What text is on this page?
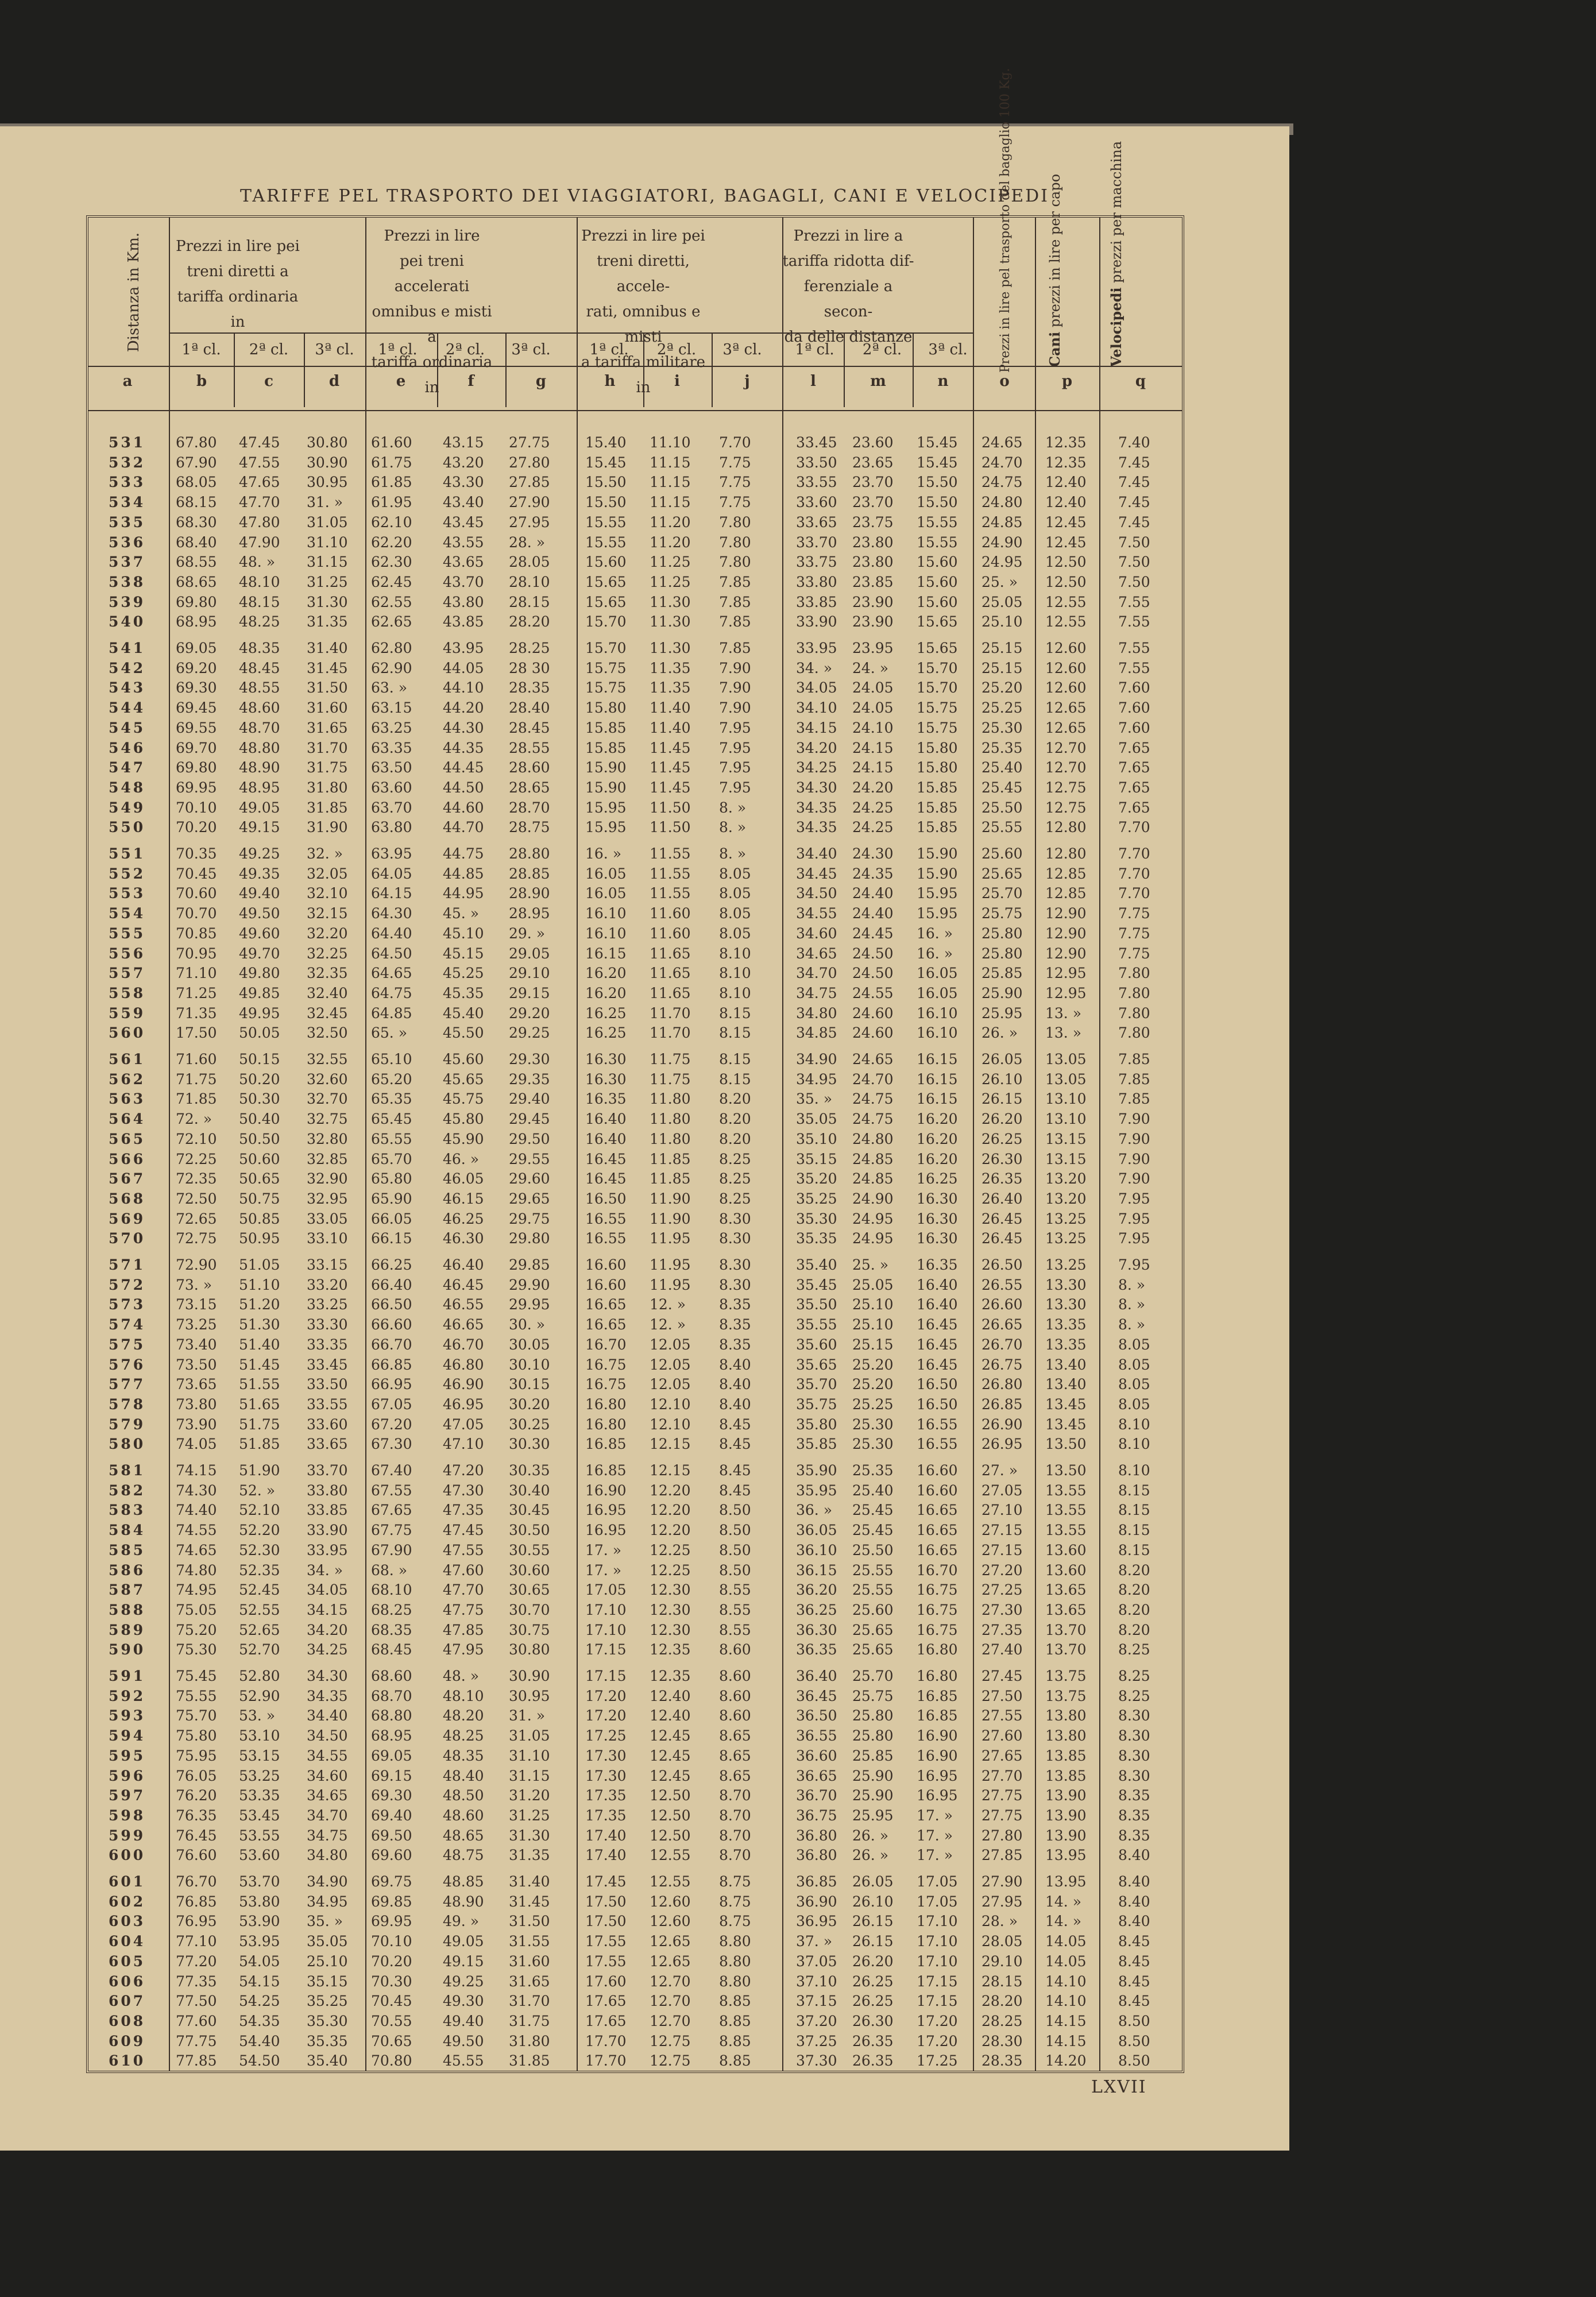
TARIFFE PEL TRASPORTO DEI VIAGGIATORI, BAGAGLI, CANI E VELOCIPEDI
Prezzi in lire pei
treni diretti a
tariffa ordinaria in
Prezzi in lire
pei treni accelerati
omnibus e misti a
tariffa ordinaria in
Prezzi in lire pei
treni diretti, accele-
rati, omnibus e misti
a tariffa militare in
Prezzi in lire a
tariffa ridotta dif-
ferenziale a secon-
da delle distanze
Distanza in Km.	Prezzi in lire pel trasporto del bagaglio 100 Kg. Cani prezzi in lire per capo
Velocipedi prezzi per macchina
1ª cl.	2ª cl.	3ª cl.	1ª cl.	2ª cl.	3ª cl.	1ª cl.	2ª cl.	3ª cl.	1ª cl.	2ª cl.	3ª cl.
a	b	c	d	e	f	g	h	i	j	l	m	n	o	p	q
531 67.80 47.45 30.80 61.60 43.15 27.75 15.40 11.10 7.70	33.45 23.60 15.45 24.65 12.35 7.40
532 67.90 47.55 30.90 61.75 43.20 27.80 15.45 11.15 7.75	33.50 23.65 15.45 24.70 12.35 7.45
533 68.05 47.65 30.95 61.85 43.30 27.85 15.50 11.15 7.75	33.55 23.70 15.50 24.75 12.40 7.45
534 68.15 47.70 31. » 61.95 43.40 27.90 15.50 11.15 7.75	33.60 23.70 15.50 24.80 12.40 7.45
535 68.30 47.80 31.05 62.10 43.45 27.95 15.55 11.20 7.80	33.65 23.75 15.55 24.85 12.45 7.45
536 68.40 47.90 31.10 62.20 43.55 28. »	15.55 11.20 7.80	33.70 23.80 15.55 24.90 12.45 7.50
537 68.55 48. » 31.15 62.30 43.65 28.05 15.60 11.25 7.80	33.75 23.80 15.60 24.95 12.50 7.50
538 68.65 48.10 31.25 62.45 43.70 28.10 15.65 11.25 7.85	33.80 23.85 15.60 25. » 12.50 7.50
539 69.80 48.15 31.30 62.55 43.80 28.15 15.65 11.30 7.85	33.85 23.90 15.60 25.05 12.55 7.55
540 68.95 48.25 31.35 62.65 43.85 28.20 15.70 11.30 7.85	33.90 23.90 15.65 25.10 12.55 7.55
541 69.05 48.35 31.40 62.80 43.95 28.25 15.70 11.30 7.85	33.95 23.95 15.65 25.15 12.60 7.55
542 69.20 48.45 31.45 62.90 44.05 28 30 15.75 11.35 7.90	34. » 24. » 15.70 25.15 12.60 7.55
543 69.30 48.55 31.50 63. » 44.10 28.35 15.75 11.35 7.90	34.05 24.05 15.70 25.20 12.60 7.60
544 69.45 48.60 31.60 63.15 44.20 28.40 15.80 11.40 7.90	34.10 24.05 15.75 25.25 12.65 7.60
545 69.55 48.70 31.65 63.25 44.30 28.45 15.85 11.40 7.95	34.15 24.10 15.75 25.30 12.65 7.60
546 69.70 48.80 31.70 63.35 44.35 28.55 15.85 11.45 7.95	34.20 24.15 15.80 25.35 12.70 7.65
547 69.80 48.90 31.75 63.50 44.45 28.60 15.90 11.45 7.95	34.25 24.15 15.80 25.40 12.70 7.65
548 69.95 48.95 31.80 63.60 44.50 28.65 15.90 11.45 7.95	34.30 24.20 15.85 25.45 12.75 7.65
549 70.10 49.05 31.85 63.70 44.60 28.70 15.95 11.50 8. »	34.35 24.25 15.85 25.50 12.75 7.65
550 70.20 49.15 31.90 63.80 44.70 28.75 15.95 11.50 8. »	34.35 24.25 15.85 25.55 12.80 7.70
551 70.35 49.25 32. » 63.95 44.75 28.80 16. » 11.55 8. »	34.40 24.30 15.90 25.60 12.80 7.70
552 70.45 49.35 32.05 64.05 44.85 28.85 16.05 11.55 8.05	34.45 24.35 15.90 25.65 12.85 7.70
553 70.60 49.40 32.10 64.15 44.95 28.90 16.05 11.55 8.05	34.50 24.40 15.95 25.70 12.85 7.70
554 70.70 49.50 32.15 64.30 45. » 28.95 16.10 11.60 8.05	34.55 24.40 15.95 25.75 12.90 7.75
555 70.85 49.60 32.20 64.40 45.10 29. »	16.10 11.60 8.05	34.60 24.45 16. » 25.80 12.90 7.75
556 70.95 49.70 32.25 64.50 45.15 29.05 16.15 11.65 8.10	34.65 24.50 16. » 25.80 12.90 7.75
557 71.10 49.80 32.35 64.65 45.25 29.10 16.20 11.65 8.10	34.70 24.50 16.05 25.85 12.95 7.80
558 71.25 49.85 32.40 64.75 45.35 29.15 16.20 11.65 8.10	34.75 24.55 16.05 25.90 12.95 7.80
559 71.35 49.95 32.45 64.85 45.40 29.20 16.25 11.70 8.15	34.80 24.60 16.10 25.95 13. »	7.80
560 17.50 50.05 32.50 65. » 45.50 29.25 16.25 11.70 8.15	34.85 24.60 16.10 26. » 13. »	7.80
561 71.60 50.15 32.55 65.10 45.60 29.30 16.30 11.75 8.15	34.90 24.65 16.15 26.05 13.05 7.85
562 71.75 50.20 32.60 65.20 45.65 29.35 16.30 11.75 8.15	34.95 24.70 16.15 26.10 13.05 7.85
563 71.85 50.30 32.70 65.35 45.75 29.40 16.35 11.80 8.20	35. » 24.75 16.15 26.15 13.10 7.85
564 72. » 50.40 32.75 65.45 45.80 29.45 16.40 11.80 8.20	35.05 24.75 16.20 26.20 13.10 7.90
565 72.10 50.50 32.80 65.55 45.90 29.50 16.40 11.80 8.20	35.10 24.80 16.20 26.25 13.15 7.90
566 72.25 50.60 32.85 65.70 46. » 29.55 16.45 11.85 8.25	35.15 24.85 16.20 26.30 13.15 7.90
567 72.35 50.65 32.90 65.80 46.05 29.60 16.45 11.85 8.25	35.20 24.85 16.25 26.35 13.20 7.90
568 72.50 50.75 32.95 65.90 46.15 29.65 16.50 11.90 8.25	35.25 24.90 16.30 26.40 13.20 7.95
569 72.65 50.85 33.05 66.05 46.25 29.75 16.55 11.90 8.30	35.30 24.95 16.30 26.45 13.25 7.95
570 72.75 50.95 33.10 66.15 46.30 29.80 16.55 11.95 8.30	35.35 24.95 16.30 26.45 13.25 7.95
571 72.90 51.05 33.15 66.25 46.40 29.85 16.60 11.95 8.30	35.40 25. » 16.35 26.50 13.25 7.95
572 73. » 51.10 33.20 66.40 46.45 29.90 16.60 11.95 8.30	35.45 25.05 16.40 26.55 13.30 8. »
573 73.15 51.20 33.25 66.50 46.55 29.95 16.65 12. » 8.35	35.50 25.10 16.40 26.60 13.30 8. »
574 73.25 51.30 33.30 66.60 46.65 30. »	16.65 12. » 8.35	35.55 25.10 16.45 26.65 13.35 8. »
575 73.40 51.40 33.35 66.70 46.70 30.05 16.70 12.05 8.35	35.60 25.15 16.45 26.70 13.35 8.05
576 73.50 51.45 33.45 66.85 46.80 30.10 16.75 12.05 8.40	35.65 25.20 16.45 26.75 13.40 8.05
577 73.65 51.55 33.50 66.95 46.90 30.15 16.75 12.05 8.40	35.70 25.20 16.50 26.80 13.40 8.05
578 73.80 51.65 33.55 67.05 46.95 30.20 16.80 12.10 8.40	35.75 25.25 16.50 26.85 13.45 8.05
579 73.90 51.75 33.60 67.20 47.05 30.25 16.80 12.10 8.45	35.80 25.30 16.55 26.90 13.45 8.10
580 74.05 51.85 33.65 67.30 47.10 30.30 16.85 12.15 8.45	35.85 25.30 16.55 26.95 13.50 8.10
581 74.15 51.90 33.70 67.40 47.20 30.35 16.85 12.15 8.45	35.90 25.35 16.60 27. » 13.50 8.10
582 74.30 52. » 33.80 67.55 47.30 30.40 16.90 12.20 8.45	35.95 25.40 16.60 27.05 13.55 8.15
583 74.40 52.10 33.85 67.65 47.35 30.45 16.95 12.20 8.50	36. » 25.45 16.65 27.10 13.55 8.15
584 74.55 52.20 33.90 67.75 47.45 30.50 16.95 12.20 8.50	36.05 25.45 16.65 27.15 13.55 8.15
585 74.65 52.30 33.95 67.90 47.55 30.55 17. » 12.25 8.50	36.10 25.50 16.65 27.15 13.60 8.15
586 74.80 52.35 34. » 68. » 47.60 30.60 17. » 12.25 8.50	36.15 25.55 16.70 27.20 13.60 8.20
587 74.95 52.45 34.05 68.10 47.70 30.65 17.05 12.30 8.55	36.20 25.55 16.75 27.25 13.65 8.20
588 75.05 52.55 34.15 68.25 47.75 30.70 17.10 12.30 8.55	36.25 25.60 16.75 27.30 13.65 8.20
589 75.20 52.65 34.20 68.35 47.85 30.75 17.10 12.30 8.55	36.30 25.65 16.75 27.35 13.70 8.20
590 75.30 52.70 34.25 68.45 47.95 30.80 17.15 12.35 8.60	36.35 25.65 16.80 27.40 13.70 8.25
591 75.45 52.80 34.30 68.60 48. » 30.90 17.15 12.35 8.60	36.40 25.70 16.80 27.45 13.75 8.25
592 75.55 52.90 34.35 68.70 48.10 30.95 17.20 12.40 8.60	36.45 25.75 16.85 27.50 13.75 8.25
593 75.70 53. » 34.40 68.80 48.20 31. »	17.20 12.40 8.60	36.50 25.80 16.85 27.55 13.80 8.30
594 75.80 53.10 34.50 68.95 48.25 31.05 17.25 12.45 8.65	36.55 25.80 16.90 27.60 13.80 8.30
595 75.95 53.15 34.55 69.05 48.35 31.10 17.30 12.45 8.65	36.60 25.85 16.90 27.65 13.85 8.30
596 76.05 53.25 34.60 69.15 48.40 31.15 17.30 12.45 8.65	36.65 25.90 16.95 27.70 13.85 8.30
597 76.20 53.35 34.65 69.30 48.50 31.20 17.35 12.50 8.70	36.70 25.90 16.95 27.75 13.90 8.35
598 76.35 53.45 34.70 69.40 48.60 31.25 17.35 12.50 8.70	36.75 25.95 17. » 27.75 13.90 8.35
599 76.45 53.55 34.75 69.50 48.65 31.30 17.40 12.50 8.70	36.80 26. » 17. » 27.80 13.90 8.35
600 76.60 53.60 34.80 69.60 48.75 31.35 17.40 12.55 8.70	36.80 26. » 17. » 27.85 13.95 8.40
601 76.70 53.70 34.90 69.75 48.85 31.40 17.45 12.55 8.75	36.85 26.05 17.05 27.90 13.95 8.40
602 76.85 53.80 34.95 69.85 48.90 31.45 17.50 12.60 8.75	36.90 26.10 17.05 27.95 14. »	8.40
603 76.95 53.90 35. » 69.95 49. » 31.50 17.50 12.60 8.75	36.95 26.15 17.10 28. » 14. »	8.40
604 77.10 53.95 35.05 70.10 49.05 31.55 17.55 12.65 8.80	37. » 26.15 17.10 28.05 14.05 8.45
605 77.20 54.05 25.10 70.20 49.15 31.60 17.55 12.65 8.80	37.05 26.20 17.10 29.10 14.05 8.45
606 77.35 54.15 35.15 70.30 49.25 31.65 17.60 12.70 8.80	37.10 26.25 17.15 28.15 14.10 8.45
607 77.50 54.25 35.25 70.45 49.30 31.70 17.65 12.70 8.85	37.15 26.25 17.15 28.20 14.10 8.45
608 77.60 54.35 35.30 70.55 49.40 31.75 17.65 12.70 8.85	37.20 26.30 17.20 28.25 14.15 8.50
609 77.75 54.40 35.35 70.65 49.50 31.80 17.70 12.75 8.85	37.25 26.35 17.20 28.30 14.15 8.50
610 77.85 54.50 35.40 70.80 45.55 31.85 17.70 12.75 8.85	37.30 26.35 17.25 28.35 14.20 8.50
LXVII
